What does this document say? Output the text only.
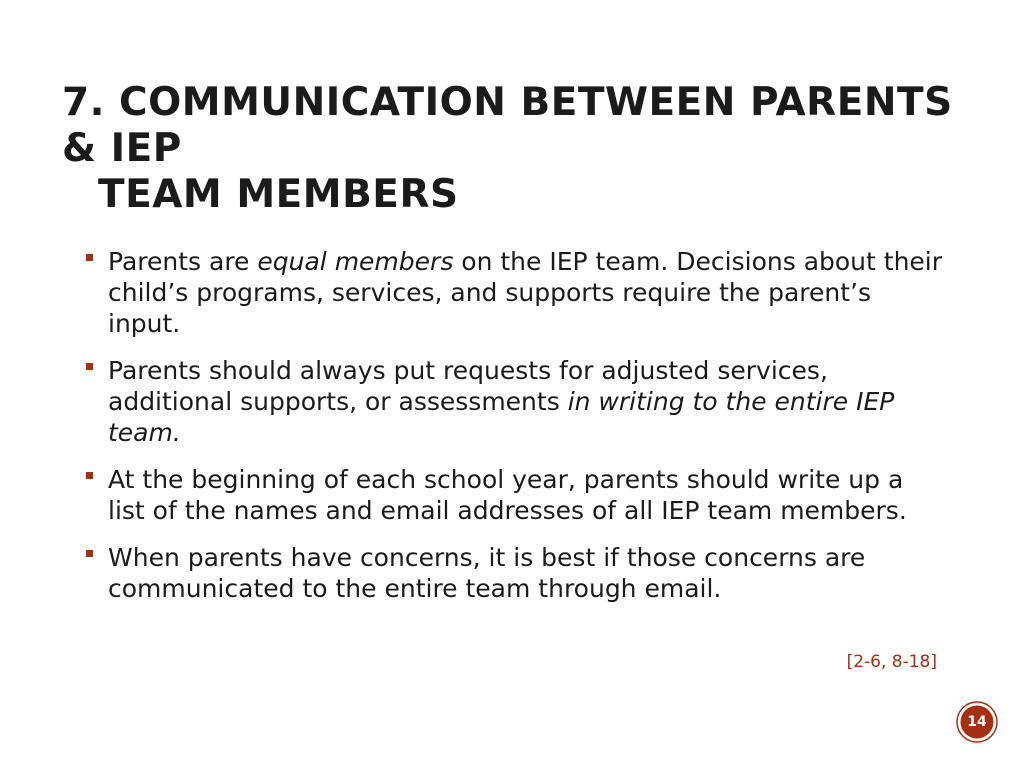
7. COMMUNICATION BETWEEN PARENTS
& IEP
TEAM MEMBERS
Parents are equal members on the IEP team. Decisions about their child’s programs, services, and supports require the parent’s input.
Parents should always put requests for adjusted services, additional supports, or assessments in writing to the entire IEP team.
At the beginning of each school year, parents should write up a list of the names and email addresses of all IEP team members.
When parents have concerns, it is best if those concerns are communicated to the entire team through email.
[2-6, 8-18]
14
